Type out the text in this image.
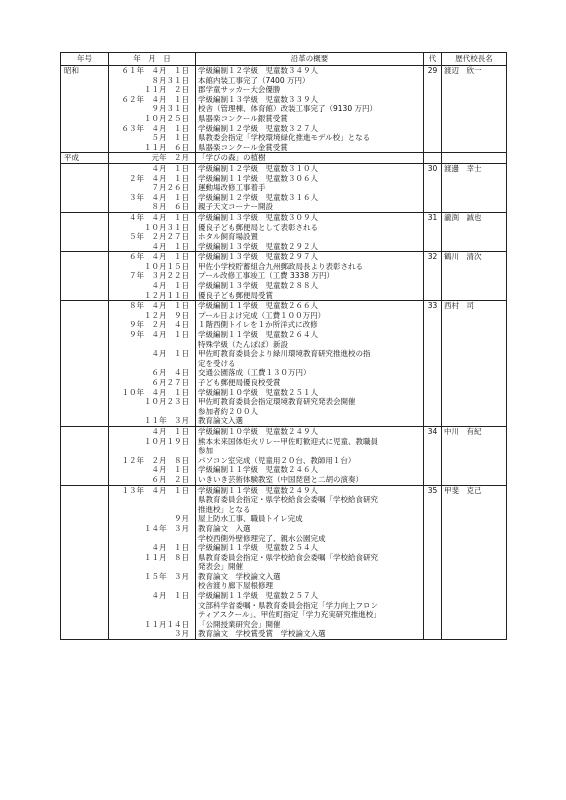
年号	年　月　日	沿革の概要	代	歴代校長名
昭和	６１年　４月　１日	学級編制１２学級　児童数３４９人	29	渡辺　欣一
	８月３１日	本館内装工事完了（7400 万円）		
	１１月　２日	郡学童サッカー大会優勝		
	６２年　４月　１日	学級編制１３学級　児童数３３９人		
	９月３１日	校舎（管理棟、体育館）改装工事完了（9130 万円）		
	１０月２５日	県器楽コンクール銀賞受賞		
	６３年　４月　１日	学級編制１２学級　児童数３２７人		
	５月　１日	県教委会指定「学校環境緑化推進モデル校」となる		
	１１月　６日	県器楽コンクール金賞受賞		
平成	元年　２月	「学びの森」の植樹		
	４月　１日	学級編制１２学級　児童数３１０人	30	渡邊　幸士
	２年　４月　１日	学級編制１１学級　児童数３０６人		
	７月２６日	運動場改修工事着手		
	３年　４月　１日	学級編制１２学級　児童数３１６人		
	８月　６日	親子天文コーナー開設		
	４年　４月　１日	学級編制１３学級　児童数３０９人	31	瀧渕　誠也
	１０月３１日	優良子ども郵便局として表彰される		
	５年　２月２７日	ホタル飼育場設置		
	４月　１日	学級編制１３学級　児童数２９２人		
	６年　４月　１日	学級編制１３学級　児童数２９７人	32	鶴川　清次
	１０月１５日	甲佐小学校貯蓄組合九州郵政局長より表彰される		
	７年　３月２２日	プール改修工事竣工（工費 3338 万円）		
	４月　１日	学級編制１３学級　児童数２８８人		
	１２月１１日	優良子ども郵便局受賞		
	８年　４月　１日	学級編制１１学級　児童数２６６人	33	西村　司
	１２月　９日	プール日よけ完成（工費１００万円）		
	９年　２月　４日	１階西側トイレを１か所洋式に改修		
	９年　４月　１日	学級編制１１学級　児童数２６４人		
		特殊学級（たんぽぽ）新設		
	４月　１日	甲佐町教育委員会より緑川環境教育研究推進校の指		
		定を受ける		
	６月　４日	交通公園落成（工費１３０万円）		
	６月２７日	子ども郵便局優良校受賞		
	１０年　４月　１日	学級編制１０学級　児童数２５１人		
	１０月２３日	甲佐町教育委員会指定環境教育研究発表会開催		
		参加者約２００人		
	１１年　３月	教育論文入選		
	４月　１日	学級編制１０学級　児童数２４９人	34	中川　有紀
	１０月１９日	熊本未来国体炬火リレー甲佐町歓迎式に児童、教職員		
		参加		
	１２年　２月　８日	パソコン室完成（児童用２０台、教師用１台）		
	４月　１日	学級編制１１学級　児童数２４６人		
	６月　２日	いきいき芸術体験教室（中国琵琶と二胡の演奏）		
	１３年　４月　１日	学級編制１１学級　児童数２４９人	35	甲斐　克己
		県教育委員会指定・県学校給食会委嘱「学校給食研究		
		推進校」となる		
	９月	屋上防水工事、職員トイレ完成		
	１４年　３月	教育論文　入選		
		学校西側外壁修理完了、親水公園完成		
	４月　１日	学級編制１１学級　児童数２５４人		
	１１月　８日	県教育委員会指定・県学校給食会委嘱「学校給食研究		
		発表会」開催		
	１５年　３月	教育論文　学校論文入選		
		校舎渡り廊下屋根修理		
	４月　１日	学級編制１１学級　児童数２５７人		
		文部科学省委嘱・県教育委員会指定「学力向上フロン		
		ティアスクール」、甲佐町指定「学力充実研究推進校」		
	１１月１４日	「公開授業研究会」開催		
	３月	教育論文　学校賞受賞　学校論文入選		
